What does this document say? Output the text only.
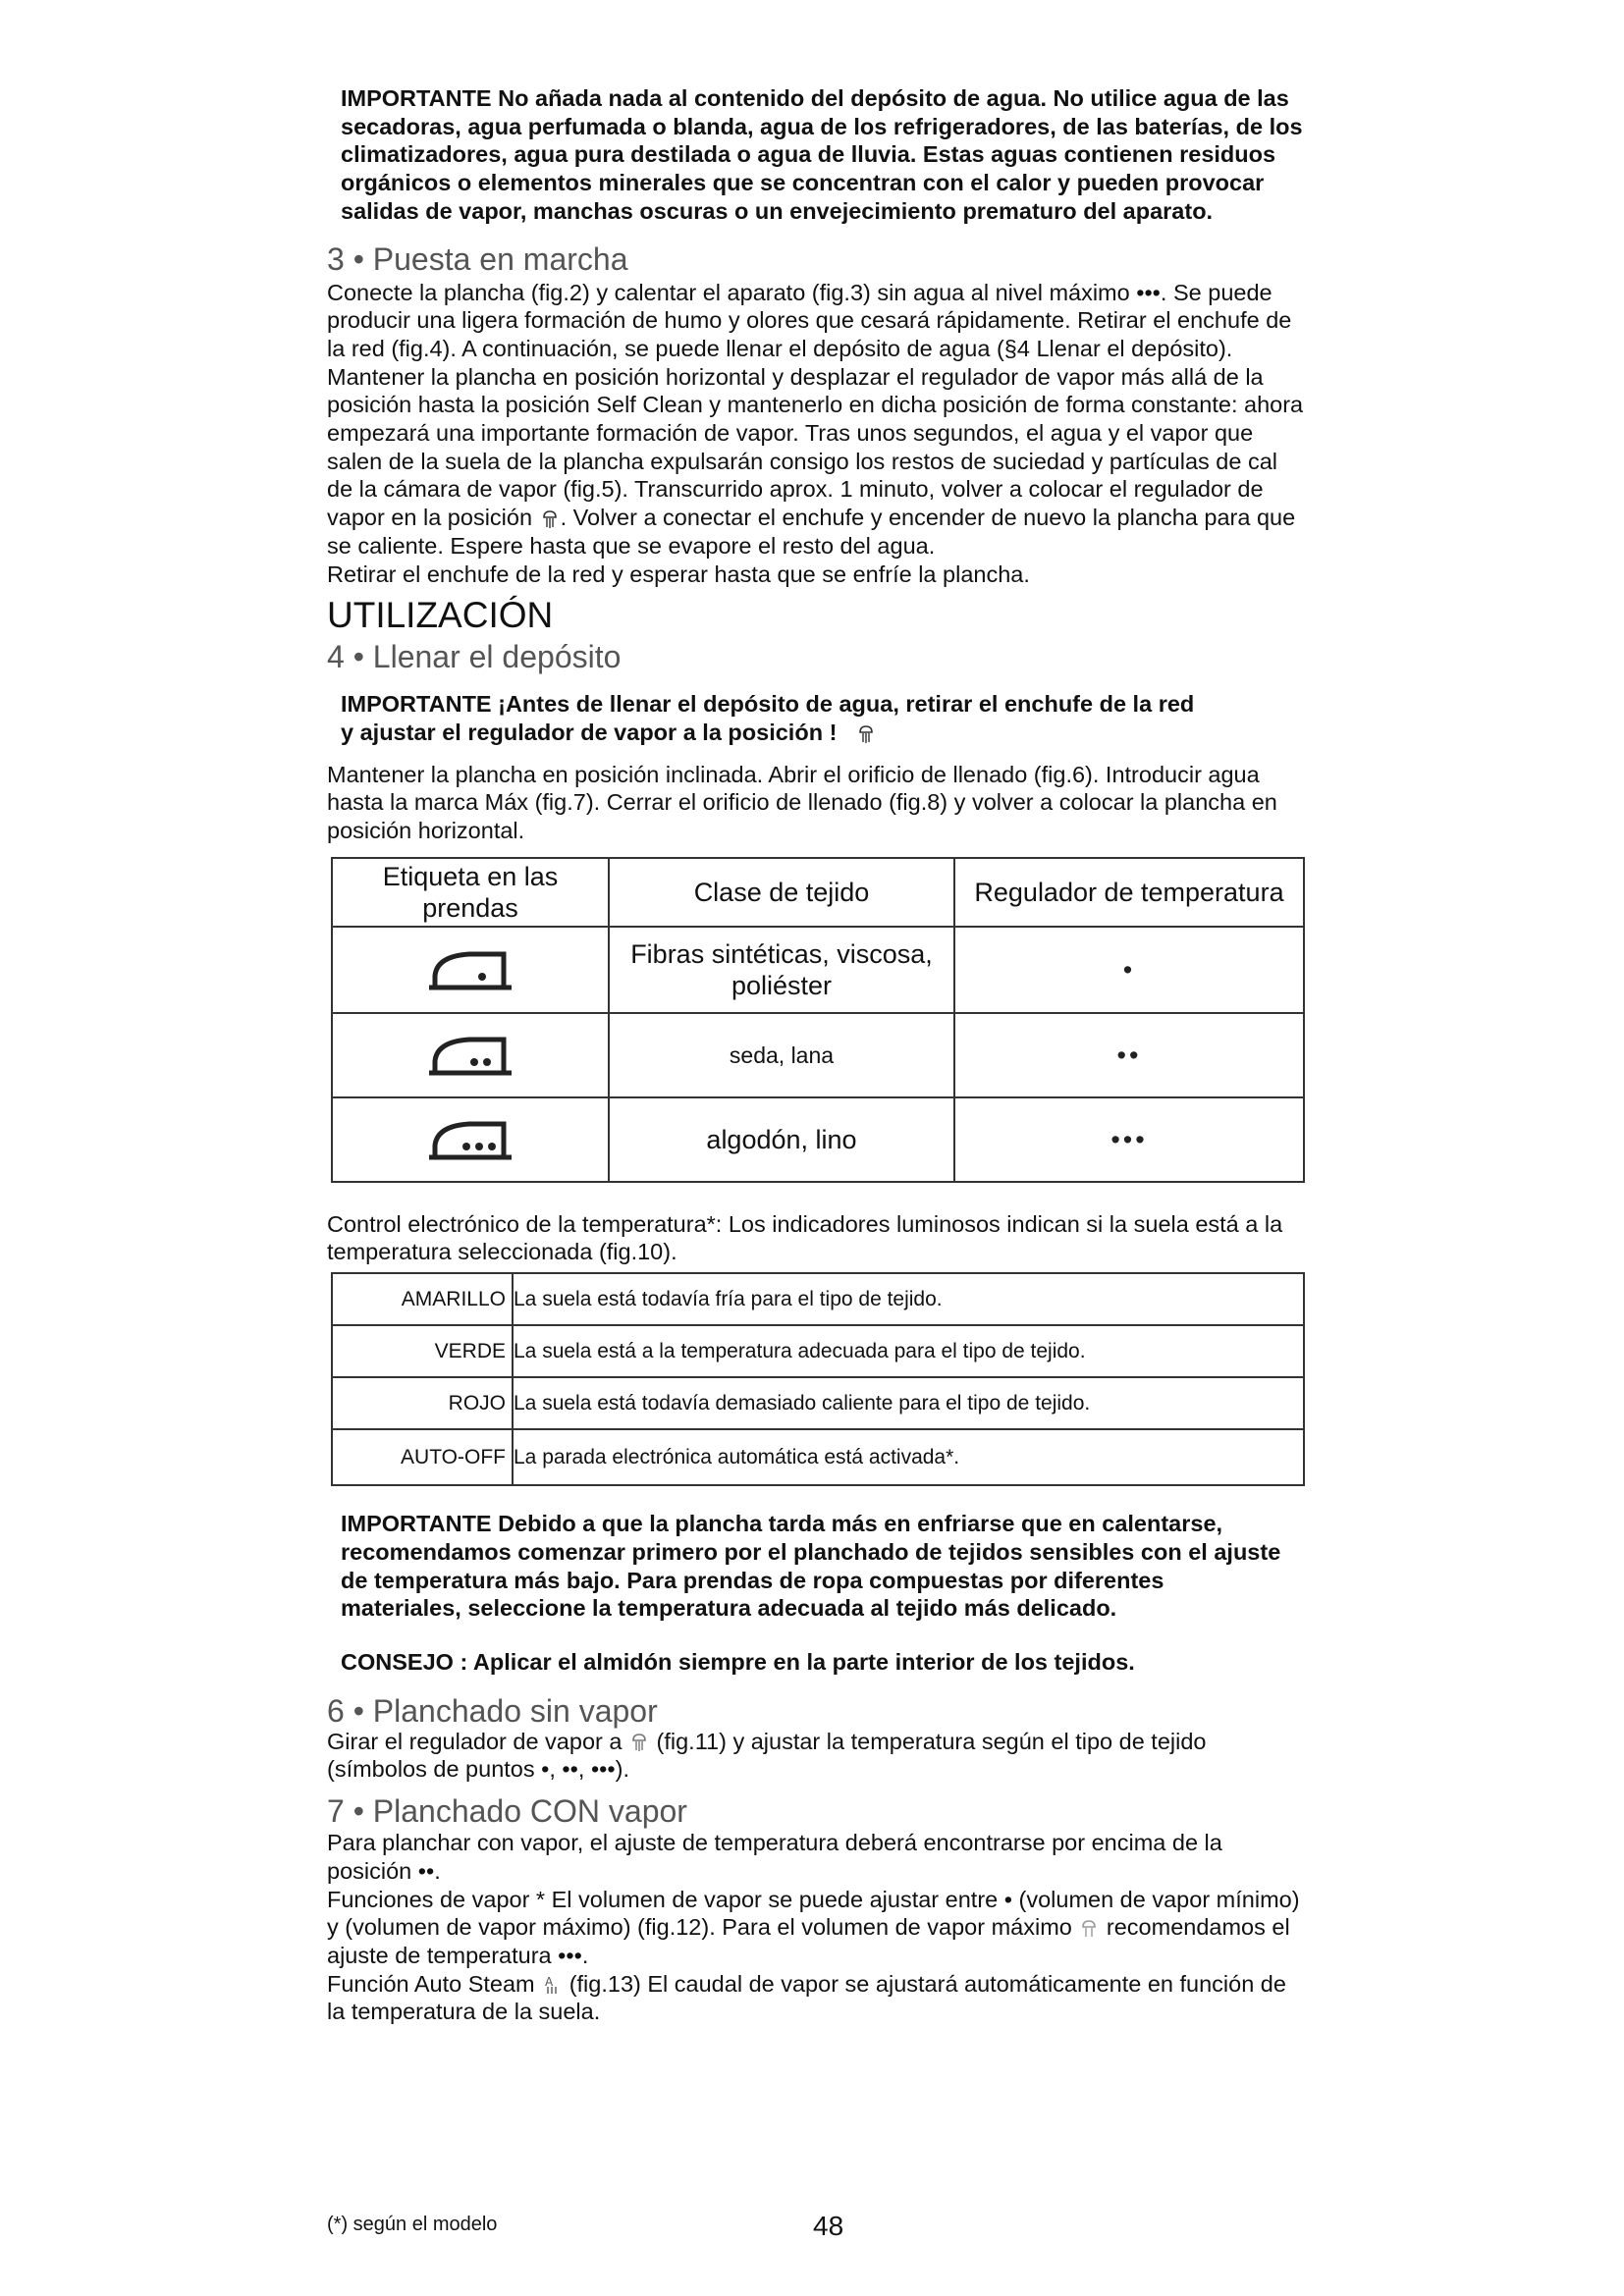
IMPORTANTE No añada nada al contenido del depósito de agua. No utilice agua de las secadoras, agua perfumada o blanda, agua de los refrigeradores, de las baterías, de los climatizadores, agua pura destilada o agua de lluvia. Estas aguas contienen residuos orgánicos o elementos minerales que se concentran con el calor y pueden provocar salidas de vapor, manchas oscuras o un envejecimiento prematuro del aparato.

3 • Puesta en marcha

Conecte la plancha (fig.2) y calentar el aparato (fig.3) sin agua al nivel máximo •••. Se puede producir una ligera formación de humo y olores que cesará rápidamente. Retirar el enchufe de la red (fig.4). A continuación, se puede llenar el depósito de agua (§4 Llenar el depósito).

Mantener la plancha en posición horizontal y desplazar el regulador de vapor más allá de la posición hasta la posición Self Clean y mantenerlo en dicha posición de forma constante: ahora empezará una importante formación de vapor. Tras unos segundos, el agua y el vapor que salen de la suela de la plancha expulsarán consigo los restos de suciedad y partículas de cal de la cámara de vapor (fig.5). Transcurrido aprox. 1 minuto, volver a colocar el regulador de vapor en la posición . Volver a conectar el enchufe y encender de nuevo la plancha para que se caliente. Espere hasta que se evapore el resto del agua.

Retirar el enchufe de la red y esperar hasta que se enfríe la plancha.

UTILIZACIÓN
4 • Llenar el depósito

IMPORTANTE ¡Antes de llenar el depósito de agua, retirar el enchufe de la red y ajustar el regulador de vapor a la posición !

Mantener la plancha en posición inclinada. Abrir el orificio de llenado (fig.6). Introducir agua hasta la marca Máx (fig.7). Cerrar el orificio de llenado (fig.8) y volver a colocar la plancha en posición horizontal.

Etiqueta en las prendas	Clase de tejido	Regulador de temperatura

	Fibras sintéticas, viscosa, poliéster	•

	seda, lana	••

	algodón, lino	•••

Control electrónico de la temperatura*: Los indicadores luminosos indican si la suela está a la temperatura seleccionada (fig.10).

AMARILLO La suela está todavía fría para el tipo de tejido.
VERDE La suela está a la temperatura adecuada para el tipo de tejido.
ROJO La suela está todavía demasiado caliente para el tipo de tejido.
AUTO-OFF La parada electrónica automática está activada*.

IMPORTANTE Debido a que la plancha tarda más en enfriarse que en calentarse, recomendamos comenzar primero por el planchado de tejidos sensibles con el ajuste de temperatura más bajo. Para prendas de ropa compuestas por diferentes materiales, seleccione la temperatura adecuada al tejido más delicado.

CONSEJO : Aplicar el almidón siempre en la parte interior de los tejidos.

6 • Planchado sin vapor

Girar el regulador de vapor a (fig.11) y ajustar la temperatura según el tipo de tejido (símbolos de puntos •, ••, •••).

7 • Planchado CON vapor

Para planchar con vapor, el ajuste de temperatura deberá encontrarse por encima de la posición ••.

Funciones de vapor * El volumen de vapor se puede ajustar entre • (volumen de vapor mínimo) y (volumen de vapor máximo) (fig.12). Para el volumen de vapor máximo recomendamos el ajuste de temperatura •••.

Función Auto Steam A (fig.13) El caudal de vapor se ajustará automáticamente en función de la temperatura de la suela.

(*) según el modelo	48
